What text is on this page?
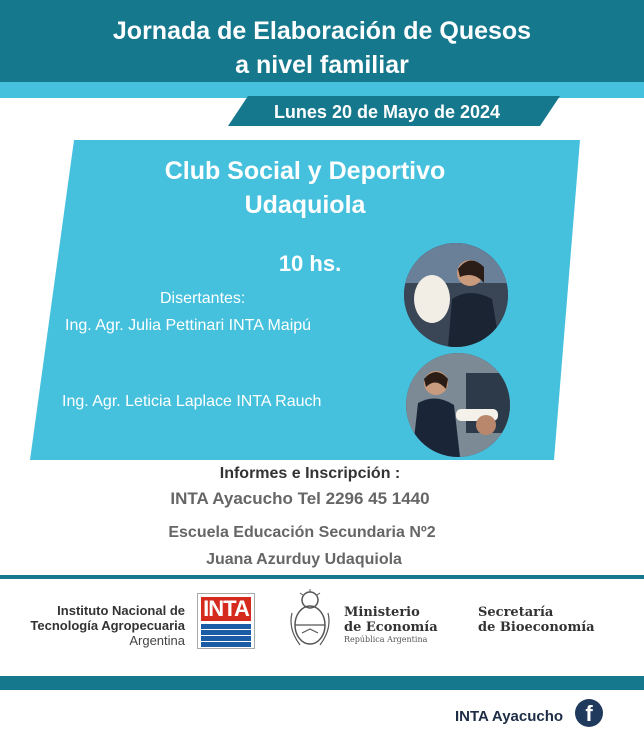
Jornada de Elaboración de Quesos
a nivel familiar
Lunes 20 de Mayo de 2024
Club Social y Deportivo
Udaquiola
10 hs.
Disertantes:
Ing. Agr. Julia Pettinari INTA Maipú
Ing. Agr. Leticia Laplace INTA Rauch
Informes e Inscripción :
INTA Ayacucho Tel 2296 45 1440
Escuela Educación Secundaria Nº2
Juana Azurduy Udaquiola
Instituto Nacional de
Tecnología Agropecuaria
Argentina
INTA	Ministerio
de Economía
República Argentina
Secretaría
de Bioeconomía
INTA Ayacucho	f
